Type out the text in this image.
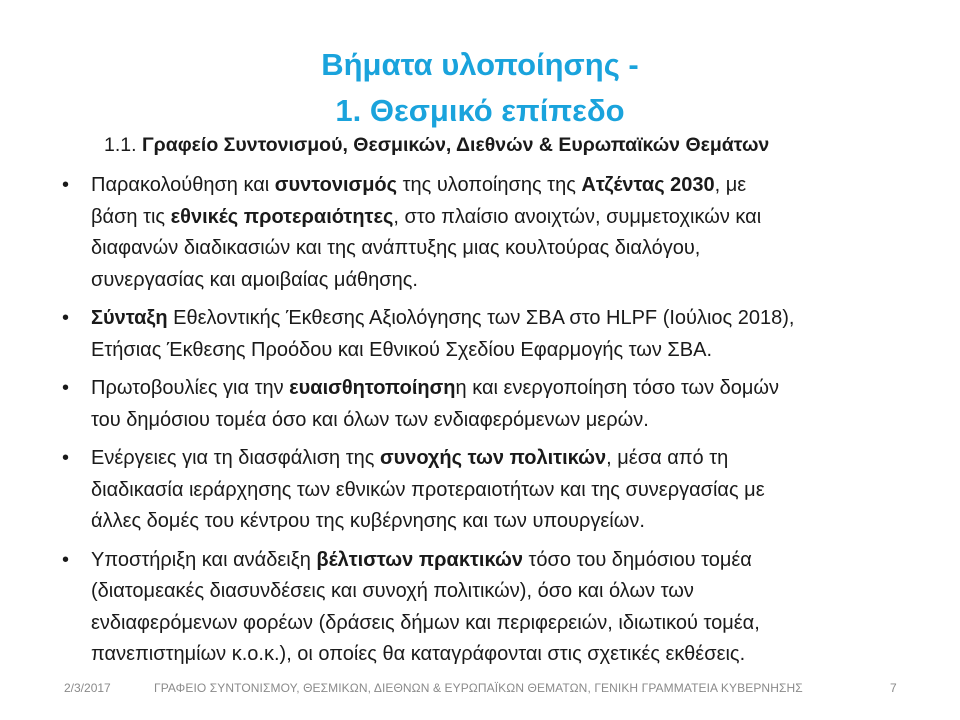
Βήματα υλοποίησης -
1. Θεσμικό επίπεδο
1.1. Γραφείο Συντονισμού, Θεσμικών, Διεθνών & Ευρωπαϊκών Θεμάτων
• Παρακολούθηση και συντονισμός της υλοποίησης της Ατζέντας 2030, με

βάση τις εθνικές προτεραιότητες, στο πλαίσιο ανοιχτών, συμμετοχικών και

διαφανών διαδικασιών και της ανάπτυξης μιας κουλτούρας διαλόγου,

συνεργασίας και αμοιβαίας μάθησης.

• Σύνταξη Εθελοντικής Έκθεσης Αξιολόγησης των ΣΒΑ στο HLPF (Ιούλιος 2018),

Ετήσιας Έκθεσης Προόδου και Εθνικού Σχεδίου Εφαρμογής των ΣΒΑ.

• Πρωτοβουλίες για την ευαισθητοποίησηη και ενεργοποίηση τόσο των δομών

του δημόσιου τομέα όσο και όλων των ενδιαφερόμενων μερών.

• Ενέργειες για τη διασφάλιση της συνοχής των πολιτικών, μέσα από τη

διαδικασία ιεράρχησης των εθνικών προτεραιοτήτων και της συνεργασίας με

άλλες δομές του κέντρου της κυβέρνησης και των υπουργείων.

• Υποστήριξη και ανάδειξη βέλτιστων πρακτικών τόσο του δημόσιου τομέα

(διατομεακές διασυνδέσεις και συνοχή πολιτικών), όσο και όλων των

ενδιαφερόμενων φορέων (δράσεις δήμων και περιφερειών, ιδιωτικού τομέα,

πανεπιστημίων κ.ο.κ.), οι οποίες θα καταγράφονται στις σχετικές εκθέσεις.

2/3/2017	ΓΡΑΦΕΙΟ ΣΥΝΤΟΝΙΣΜΟΥ, ΘΕΣΜΙΚΩΝ, ΔΙΕΘΝΩΝ & ΕΥΡΩΠΑΪΚΩΝ ΘΕΜΑΤΩΝ, ΓΕΝΙΚΗ ΓΡΑΜΜΑΤΕΙΑ ΚΥΒΕΡΝΗΣΗΣ	7
